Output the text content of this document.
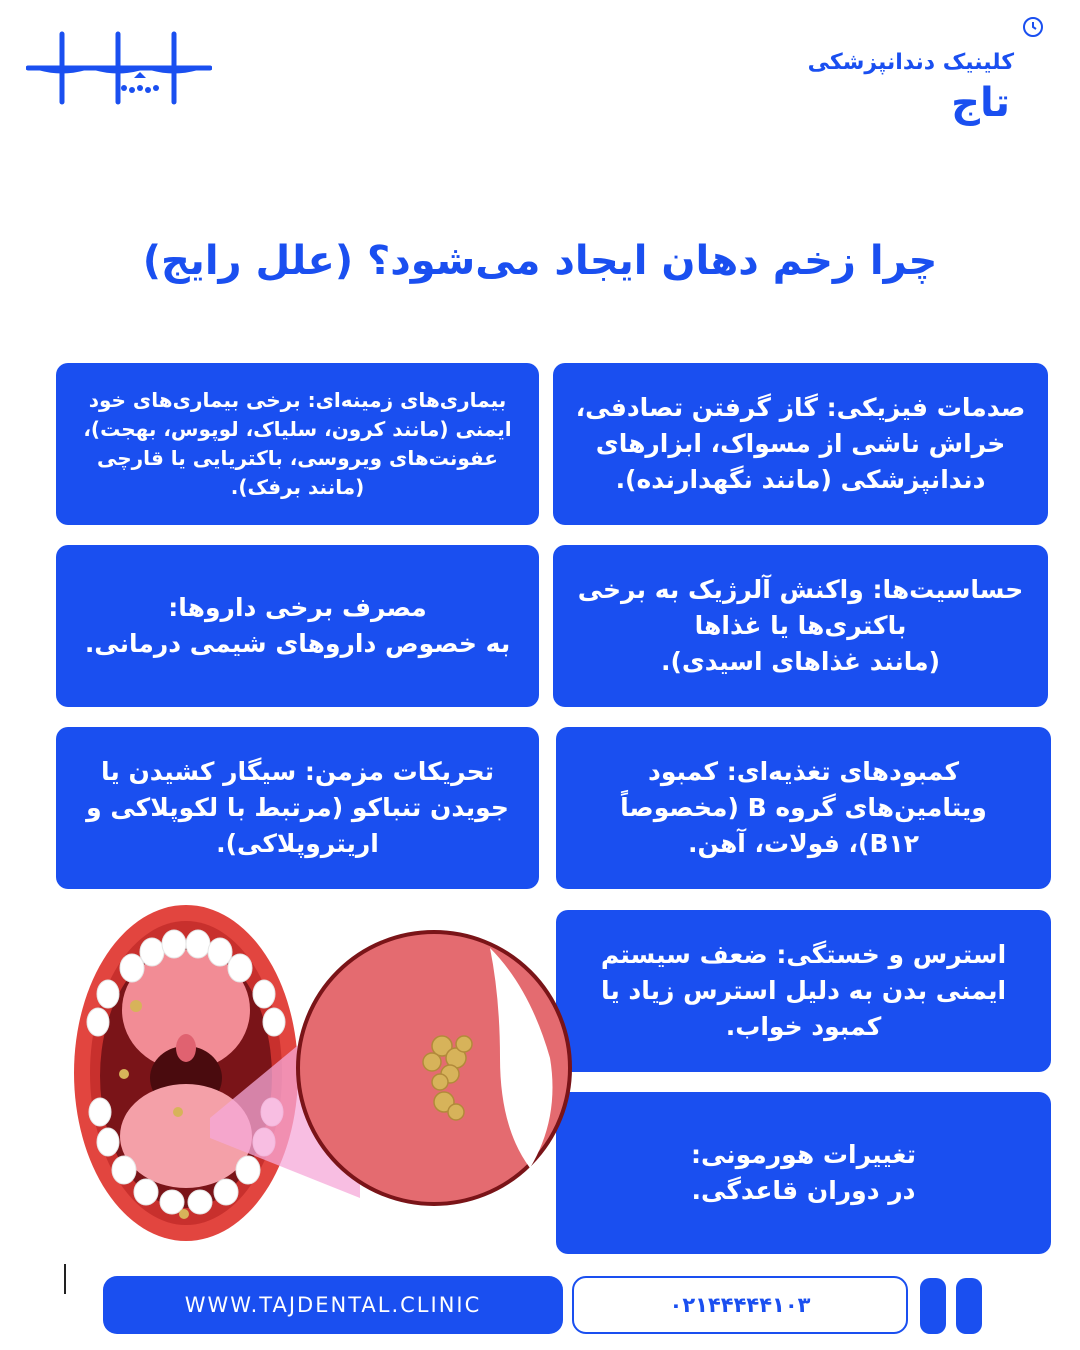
کلینیک دندانپزشکی
تاج
چرا زخم دهان ایجاد می‌شود؟ (علل رایج)
صدمات فیزیکی: گاز گرفتن تصادفی،
خراش ناشی از مسواک، ابزارهای
دندانپزشکی (مانند نگهدارنده).
بیماری‌های زمینه‌ای: برخی بیماری‌های خود
ایمنی (مانند کرون، سلیاک، لوپوس، بهجت)،
عفونت‌های ویروسی، باکتریایی یا قارچی
(مانند برفک).
حساسیت‌ها: واکنش آلرژیک به برخی
باکتری‌ها یا غذاها
(مانند غذاهای اسیدی).
مصرف برخی داروها:
به خصوص داروهای شیمی درمانی.
کمبودهای تغذیه‌ای: کمبود
ویتامین‌های گروه B (مخصوصاً
B۱۲)، فولات، آهن.
تحریکات مزمن: سیگار کشیدن یا
جویدن تنباکو (مرتبط با لکوپلاکی و
اریتروپلاکی).
استرس و خستگی: ضعف سیستم
ایمنی بدن به دلیل استرس زیاد یا
کمبود خواب.
تغییرات هورمونی:
در دوران قاعدگی.
WWW.TAJDENTAL.CLINIC	۰۲۱۴۴۴۴۴۱۰۳
